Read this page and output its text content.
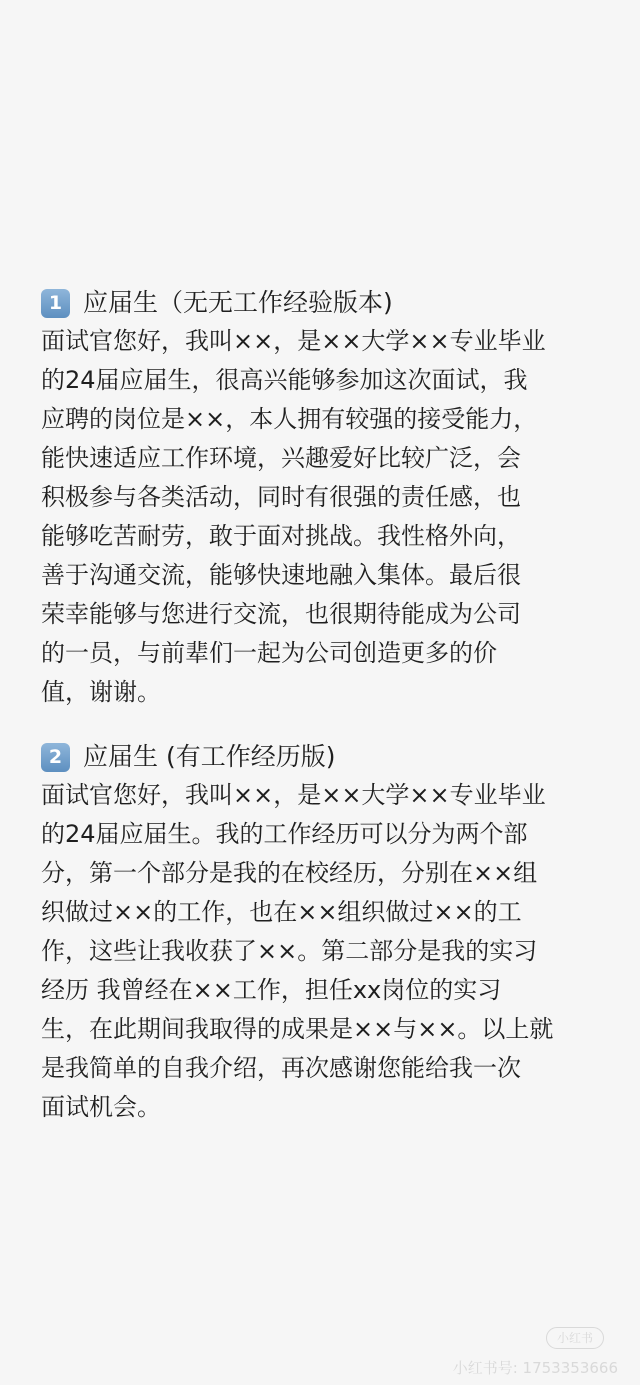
1 应届生（无无工作经验版本)
面试官您好，我叫××，是××大学××专业毕业
的24届应届生，很高兴能够参加这次面试，我
应聘的岗位是××，本人拥有较强的接受能力，
能快速适应工作环境，兴趣爱好比较广泛，会
积极参与各类活动，同时有很强的责任感，也
能够吃苦耐劳，敢于面对挑战。我性格外向，
善于沟通交流，能够快速地融入集体。最后很
荣幸能够与您进行交流，也很期待能成为公司
的一员，与前辈们一起为公司创造更多的价
值，谢谢。
2 应届生 (有工作经历版)
面试官您好，我叫××，是××大学××专业毕业
的24届应届生。我的工作经历可以分为两个部
分，第一个部分是我的在校经历，分别在××组
织做过××的工作，也在××组织做过××的工
作，这些让我收获了××。第二部分是我的实习
经历 我曾经在××工作，担任xx岗位的实习
生，在此期间我取得的成果是××与××。以上就
是我简单的自我介绍，再次感谢您能给我一次
面试机会。
小红书
小红书号: 1753353666
